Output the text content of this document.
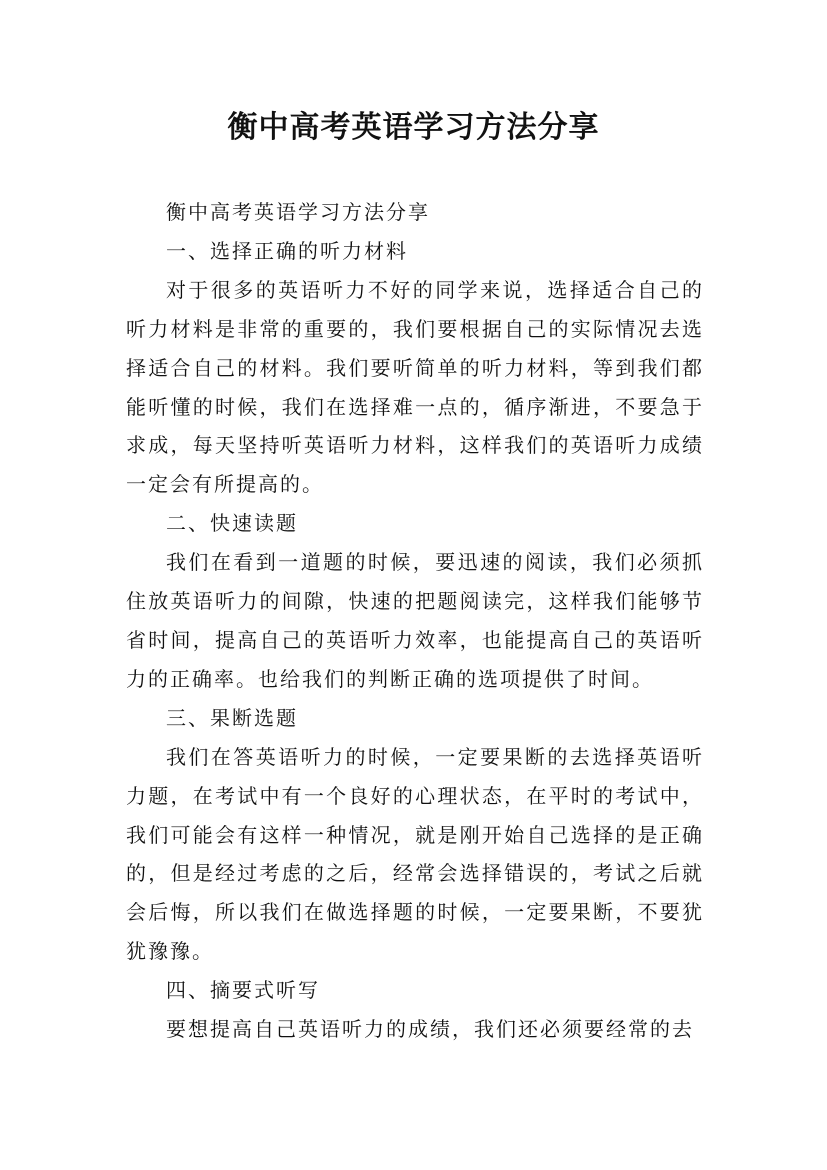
衡中高考英语学习方法分享

衡中高考英语学习方法分享

一、选择正确的听力材料

对于很多的英语听力不好的同学来说，选择适合自己的听力材料是非常的重要的，我们要根据自己的实际情况去选择适合自己的材料。我们要听简单的听力材料，等到我们都能听懂的时候，我们在选择难一点的，循序渐进，不要急于求成，每天坚持听英语听力材料，这样我们的英语听力成绩一定会有所提高的。

二、快速读题

我们在看到一道题的时候，要迅速的阅读，我们必须抓住放英语听力的间隙，快速的把题阅读完，这样我们能够节省时间，提高自己的英语听力效率，也能提高自己的英语听力的正确率。也给我们的判断正确的选项提供了时间。

三、果断选题

我们在答英语听力的时候，一定要果断的去选择英语听力题，在考试中有一个良好的心理状态，在平时的考试中，我们可能会有这样一种情况，就是刚开始自己选择的是正确的，但是经过考虑的之后，经常会选择错误的，考试之后就会后悔，所以我们在做选择题的时候，一定要果断，不要犹犹豫豫。

四、摘要式听写

要想提高自己英语听力的成绩，我们还必须要经常的去
